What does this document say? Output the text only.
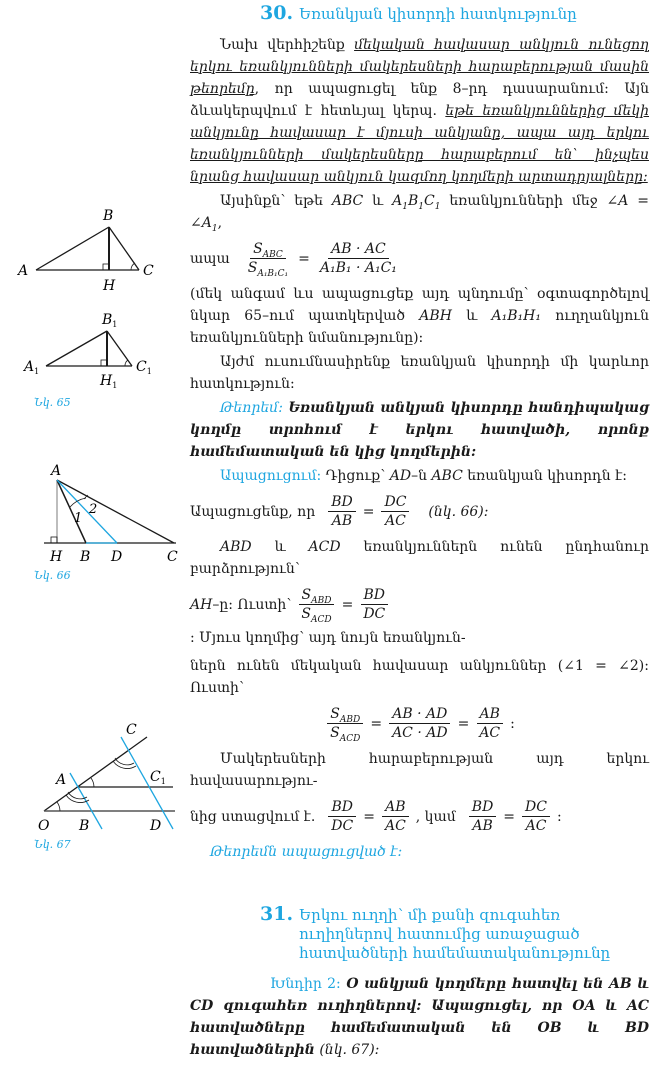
B
A	C
H
$B_1$
$A_1$	$C_1$
$H_1$
Նկ. 65
A
1
2
H B D	C
Նկ. 66
C
A	$C_1$
O B	D
Նկ. 67
30. Եռանկյան կիսորդի հատկությունը

Նախ վերհիշենք մեկական հավասար անկյուն ունեցող երկու եռանկյունների մակերեսների հարաբերության մասին թեորեմը, որ ապացուցել ենք 8–րդ դասարանում: Այն ձևակերպվում է հետևյալ կերպ. եթե եռանկյուններից մեկի անկյունը հավասար է մյուսի անկյանը, ապա այդ երկու եռանկյունների մակերեսները հարաբերում են՝ ինչպես նրանց հավասար անկյուն կազմող կողմերի արտադրյալները:

Այսինքն՝ եթե ABC և $A_1B_1C_1$ եռանկյունների մեջ ∠A = $\angle A_1$,

ապա $\frac{S_{ABC}}{S_{A_1B_1C_1}} = \frac{AB \cdot AC}{\text{A₁B₁ · A₁C₁}}$

(մեկ անգամ ևս ապացուցեք այդ պնդումը՝ օգտագործելով նկար 65–ում պատկերված ABH և A₁B₁H₁ ուղղանկյուն եռանկյունների նմանությունը):

Այժմ ուսումնասիրենք եռանկյան կիսորդի մի կարևոր հատկություն:

Թեորեմ: Եռանկյան անկյան կիսորդը հանդիպակաց կողմը տրոհում է երկու հատվածի, որոնք համեմատական են կից կողմերին:

Ապացուցում: Դիցուք՝ AD–ն ABC եռանկյան կիսորդն է:

Ապացուցենք, որ $\frac{BD}{AB} = \frac{DC}{AC}$ (նկ. 66):

ABD և ACD եռանկյուններն ունեն ընդհանուր բարձրություն՝

AH–ը: Ուստի՝ $\frac{S_{ABD}}{S_{ACD}} = \frac{BD}{DC}$
: Մյուս կողմից՝ այդ նույն եռանկյուն-

ներն ունեն մեկական հավասար անկյուններ (∠1 = ∠2): Ուստի՝

$\frac{S_{ABD}}{S_{ACD}} = \frac{AB \cdot AD}{AC \cdot AD} = \frac{AB}{AC}$ :

Մակերեսների հարաբերության այդ երկու հավասարությու-

նից ստացվում է. $\frac{BD}{DC} = \frac{AB}{AC}$ , կամ $\frac{BD}{AB} = \frac{DC}{AC}$ :

Թեորեմն ապացուցված է:

31. Երկու ուղղի՝ մի քանի զուգահեռ
ուղիղներով հատումից առաջացած
հատվածների համեմատականությունը

Խնդիր 2: O անկյան կողմերը հատվել են AB և CD զուգահեռ ուղիղներով: Ապացուցել, որ OA և AC հատվածները համեմատական են OB և BD հատվածներին (նկ. 67):
